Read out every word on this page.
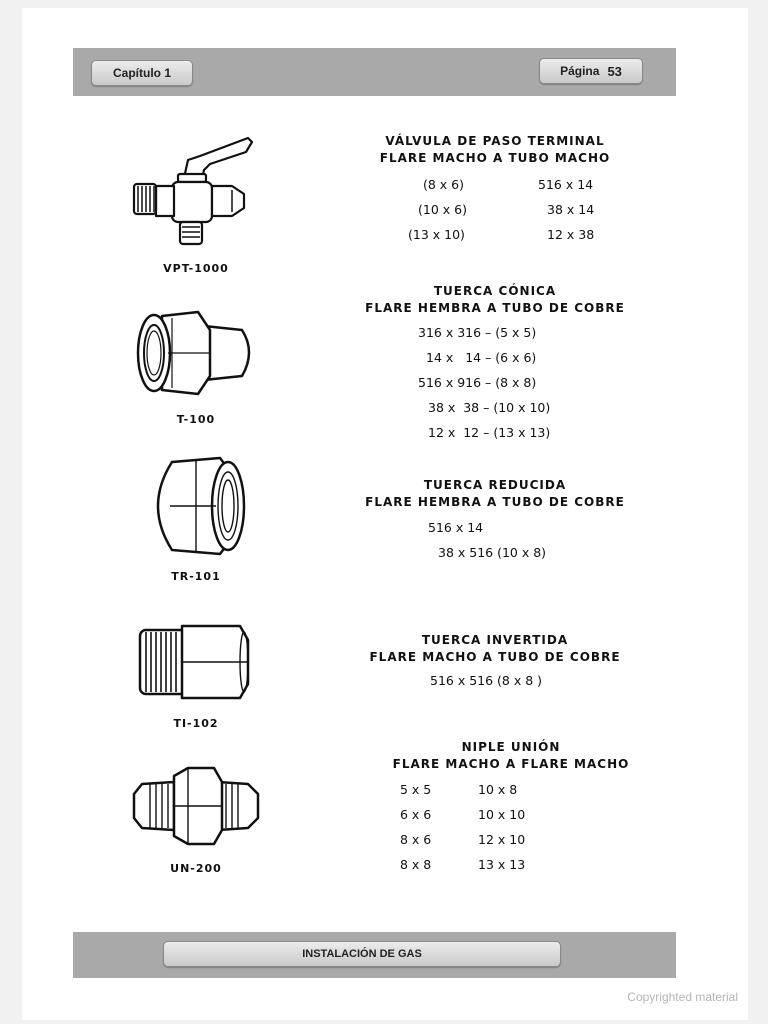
Capítulo 1	Página 53
VPT-1000
VÁLVULA DE PASO TERMINAL
FLARE MACHO A TUBO MACHO
(8 x 6)	516 x 14
(10 x 6)	38 x 14
(13 x 10)	12 x 38
T-100
TUERCA CÓNICA
FLARE HEMBRA A TUBO DE COBRE
316 x 316 – (5 x 5)
14 x   14 – (6 x 6)
516 x 916 – (8 x 8)
38 x  38 – (10 x 10)
12 x  12 – (13 x 13)
TR-101
TUERCA REDUCIDA
FLARE HEMBRA A TUBO DE COBRE
516 x 14
38 x 516 (10 x 8)
TI-102
TUERCA INVERTIDA
FLARE MACHO A TUBO DE COBRE
516 x 516 (8 x 8 )
UN-200
NIPLE UNIÓN
FLARE MACHO A FLARE MACHO
5 x 5	10 x 8
6 x 6	10 x 10
8 x 6	12 x 10
8 x 8	13 x 13
INSTALACIÓN DE GAS
Copyrighted material
